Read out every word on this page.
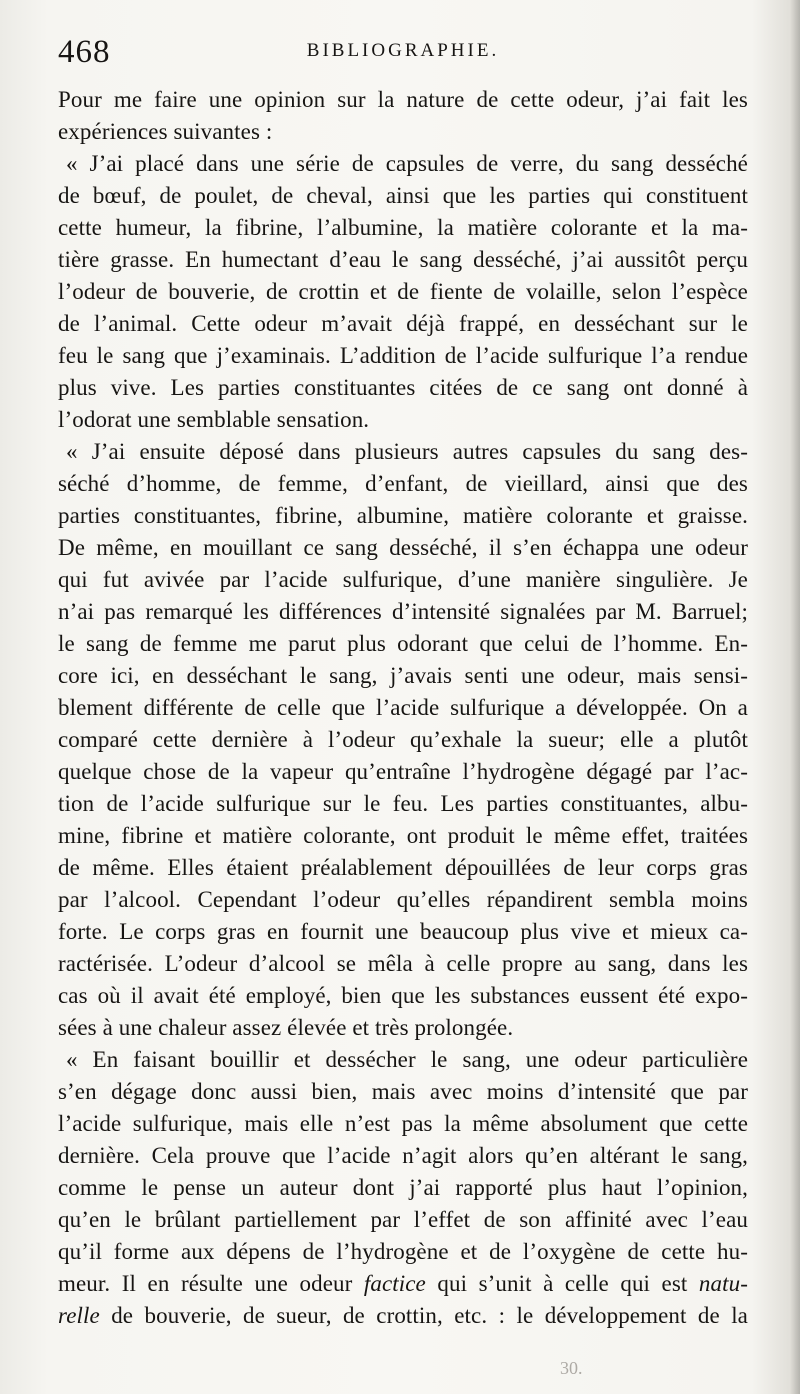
468	BIBLIOGRAPHIE.
Pour me faire une opinion sur la nature de cette odeur, j’ai fait les
expériences suivantes :
« J’ai placé dans une série de capsules de verre, du sang desséché
de bœuf, de poulet, de cheval, ainsi que les parties qui constituent
cette humeur, la fibrine, l’albumine, la matière colorante et la ma-
tière grasse. En humectant d’eau le sang desséché, j’ai aussitôt perçu
l’odeur de bouverie, de crottin et de fiente de volaille, selon l’espèce
de l’animal. Cette odeur m’avait déjà frappé, en desséchant sur le
feu le sang que j’examinais. L’addition de l’acide sulfurique l’a rendue
plus vive. Les parties constituantes citées de ce sang ont donné à
l’odorat une semblable sensation.
« J’ai ensuite déposé dans plusieurs autres capsules du sang des-
séché d’homme, de femme, d’enfant, de vieillard, ainsi que des
parties constituantes, fibrine, albumine, matière colorante et graisse.
De même, en mouillant ce sang desséché, il s’en échappa une odeur
qui fut avivée par l’acide sulfurique, d’une manière singulière. Je
n’ai pas remarqué les différences d’intensité signalées par M. Barruel;
le sang de femme me parut plus odorant que celui de l’homme. En-
core ici, en desséchant le sang, j’avais senti une odeur, mais sensi-
blement différente de celle que l’acide sulfurique a développée. On a
comparé cette dernière à l’odeur qu’exhale la sueur; elle a plutôt
quelque chose de la vapeur qu’entraîne l’hydrogène dégagé par l’ac-
tion de l’acide sulfurique sur le feu. Les parties constituantes, albu-
mine, fibrine et matière colorante, ont produit le même effet, traitées
de même. Elles étaient préalablement dépouillées de leur corps gras
par l’alcool. Cependant l’odeur qu’elles répandirent sembla moins
forte. Le corps gras en fournit une beaucoup plus vive et mieux ca-
ractérisée. L’odeur d’alcool se mêla à celle propre au sang, dans les
cas où il avait été employé, bien que les substances eussent été expo-
sées à une chaleur assez élevée et très prolongée.
« En faisant bouillir et dessécher le sang, une odeur particulière
s’en dégage donc aussi bien, mais avec moins d’intensité que par
l’acide sulfurique, mais elle n’est pas la même absolument que cette
dernière. Cela prouve que l’acide n’agit alors qu’en altérant le sang,
comme le pense un auteur dont j’ai rapporté plus haut l’opinion,
qu’en le brûlant partiellement par l’effet de son affinité avec l’eau
qu’il forme aux dépens de l’hydrogène et de l’oxygène de cette hu-
meur. Il en résulte une odeur factice qui s’unit à celle qui est natu-
relle de bouverie, de sueur, de crottin, etc. : le développement de la
30.
